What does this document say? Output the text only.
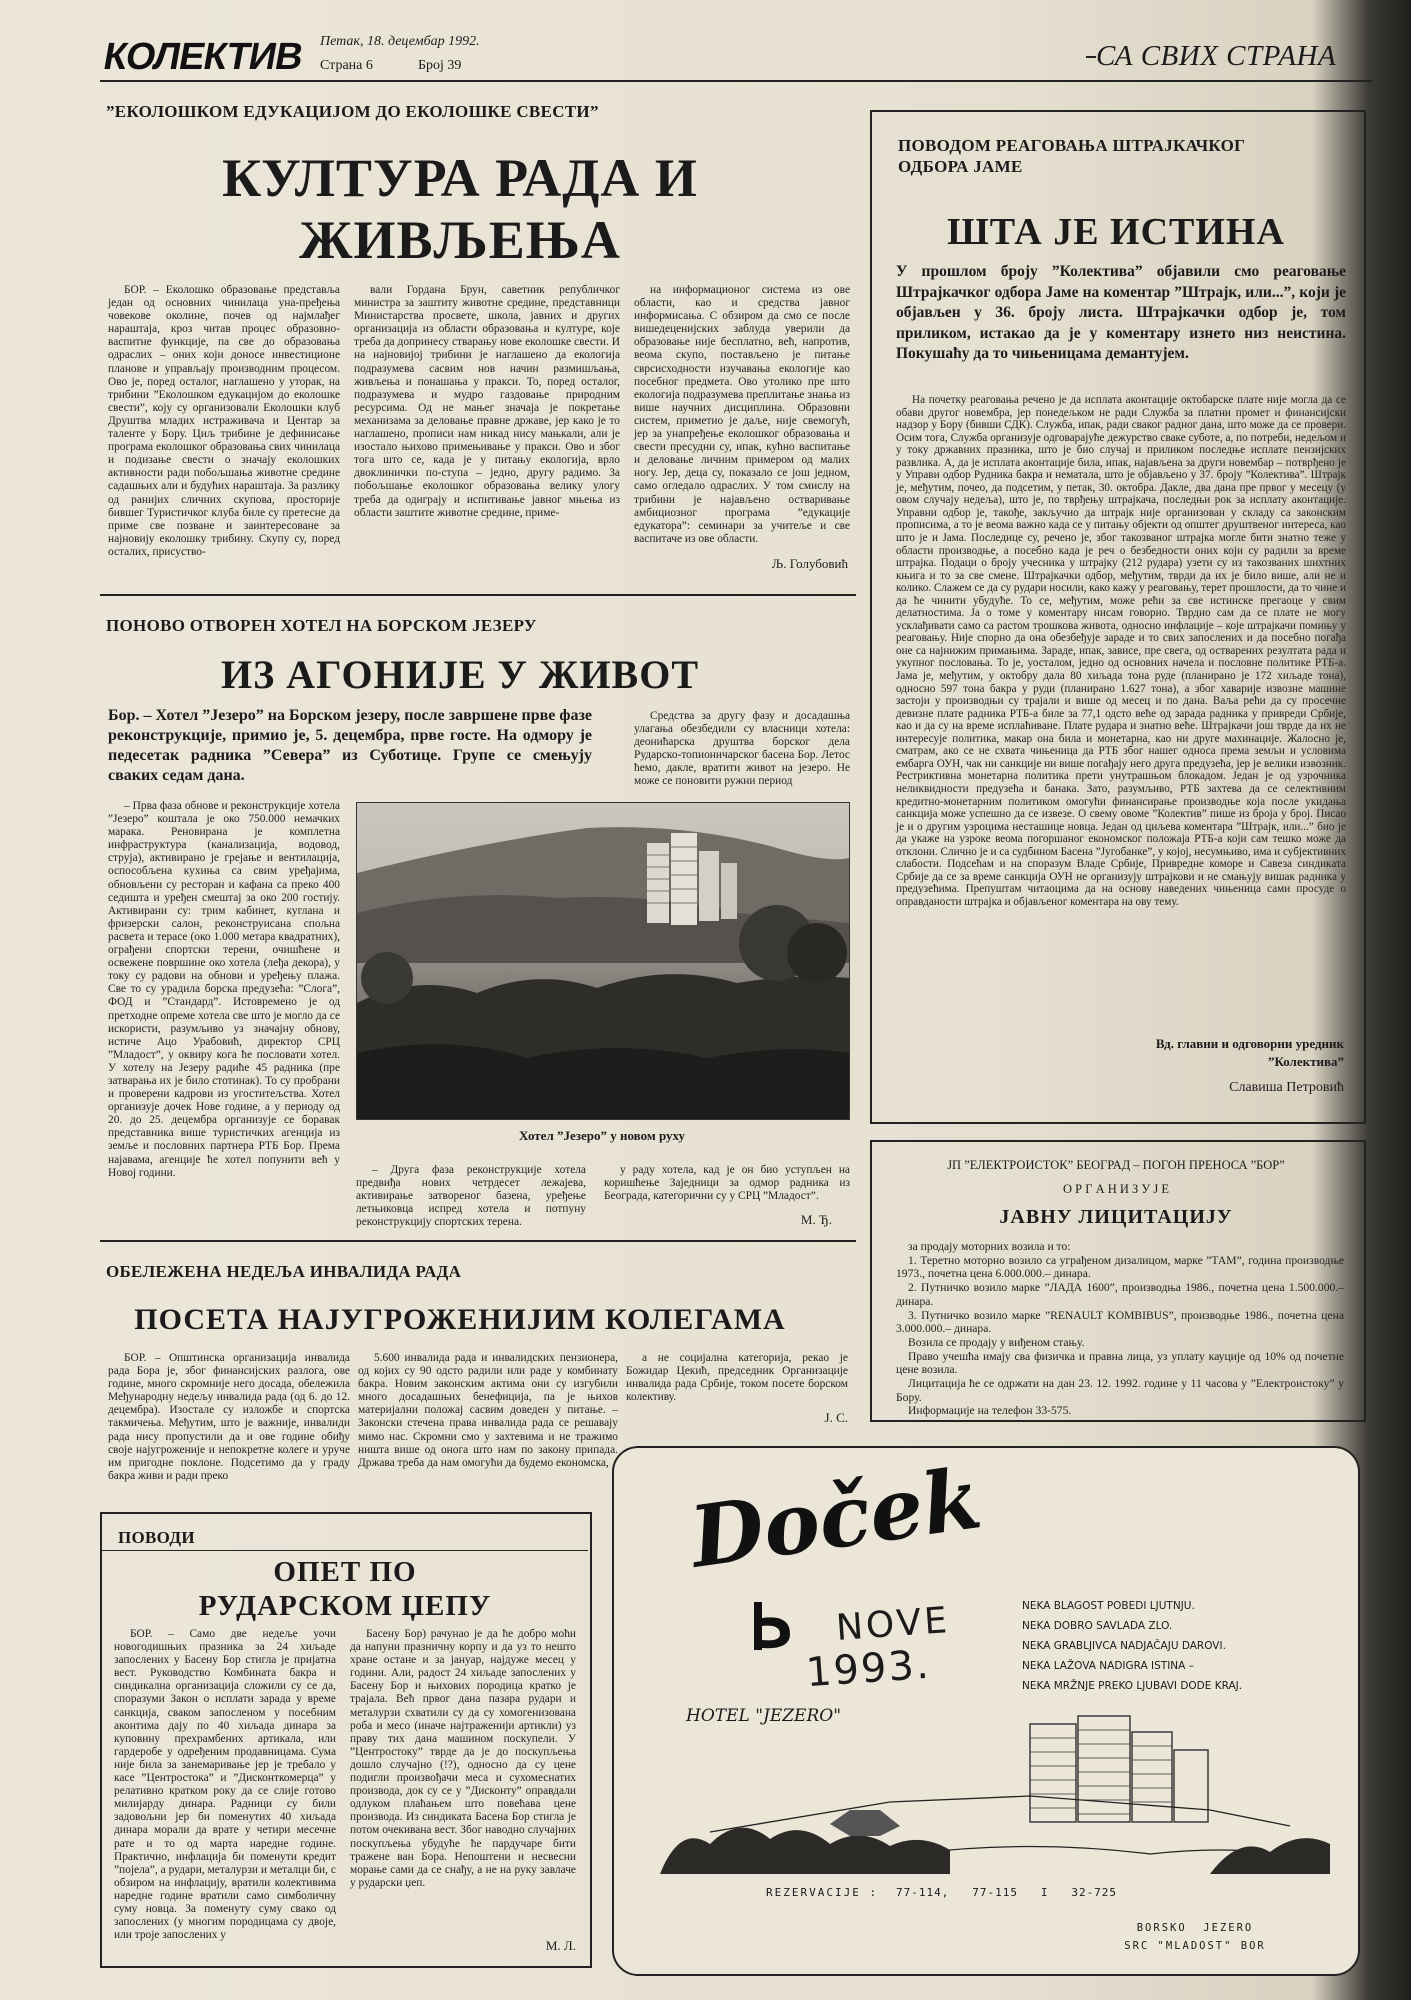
КОЛЕКТИВ	Петак, 18. децембар 1992.
Страна 6	Број 39	СА СВИХ СТРАНА
”ЕКОЛОШКОМ ЕДУКАЦИЈОМ ДО ЕКОЛОШКЕ СВЕСТИ”
КУЛТУРА РАДА И
ЖИВЉЕЊА

БОР. – Еколошко образовање представља један од основних чинилаца уна-пређења човекове околине, почев од најмлађег нараштаја, кроз читав процес образовно-васпитне функције, па све до образовања одраслих – оних који доносе инвестиционе планове и управљају производним процесом. Ово је, поред осталог, наглашено у уторак, на трибини ”Еколошком едукацијом до еколошке свести”, коју су организовали Еколошки клуб Друштва младих истраживача и Центар за таленте у Бору. Циљ трибине је дефинисање програма еколошког образовања свих чинилаца и подизање свести о значају еколошких активности ради побољшања животне средине садашњих али и будућих нараштаја. За разлику од ранијих сличних скупова, просторије бившег Туристичког клуба биле су претесне да приме све позване и заинтересоване за најновију еколошку трибину. Скупу су, поред осталих, присуство-

вали Гордана Брун, саветник републичког министра за заштиту животне средине, представници Министарства просвете, школа, јавних и других организација из области образовања и културе, које треба да допринесу стварању нове еколошке свести. И на најновијој трибини је наглашено да екологија подразумева сасвим нов начин размишљања, живљења и понашања у пракси. То, поред осталог, подразумева и мудро газдовање природним ресурсима. Од не мањег значаја је покретање механизама за деловање правне државе, јер како је то наглашено, прописи нам никад нису мањкали, али је изостало њихово примењивање у пракси. Ово и због тога што се, када је у питању екологија, врло двоклинички по-ступа – једно, другу радимо. За побољшање еколошког образовања велику улогу треба да одиграју и испитивање јавног мњења из области заштите животне средине, приме-

на информационог система из ове области, као и средства јавног информисања. С обзиром да смо се после вишедеценијских заблуда уверили да образовање није бесплатно, већ, напротив, веома скупо, постављено је питање сврсисходности изучавања екологије као посебног предмета. Ово утолико пре што екологија подразумева преплитање знања из више научних дисциплина. Образовни систем, приметио је даље, није свемогућ, јер за унапређење еколошког образовања и свести пресудни су, ипак, кућно васпитање и деловање личним примером од малих ногу. Јер, деца су, показало се још једном, само огледало одраслих. У том смислу на трибини је најављено остваривање амбициозног програма ”едукације едукатора”: семинари за учитеље и све васпитаче из ове области.

Љ. Голубовић
ПОНОВО ОТВОРЕН ХОТЕЛ НА БОРСКОМ ЈЕЗЕРУ
ИЗ АГОНИЈЕ У ЖИВОТ
Бор. – Хотел ”Језеро” на Борском језеру, после завршене прве фазе реконструкције, примио је, 5. децембра, прве госте. На одмору је педесетак радника ”Севера” из Суботице. Групе се смењују сваких седам дана.

Средства за другу фазу и досадашња улагања обезбедили су власници хотела: деонићарска друштва борског дела Рударско-топионичарског басена Бор. Летос ћемо, дакле, вратити живот на језеро. Не може се поновити ружни период

– Прва фаза обнове и реконструкције хотела ”Језеро” коштала је око 750.000 немачких марака. Реновирана је комплетна инфраструктура (канализација, водовод, струја), активирано је грејање и вентилација, оспособљена кухиња са свим уређајима, обновљени су ресторан и кафана са преко 400 седишта и уређен смештај за око 200 гостију. Активирани су: трим кабинет, куглана и фризерски салон, реконструисана спољна расвета и терасе (око 1.000 метара квадратних), ограђени спортски терени, очишћене и освежене површине око хотела (леђа декора), у току су радови на обнови и уређењу плажа. Све то су урадила борска предузећа: ”Слога”, ФОД и ”Стандард”. Истовремено је од претходне опреме хотела све што је могло да се искористи, разумљиво уз значајну обнову, истиче Ацо Урабовић, директор СРЦ ”Младост”, у оквиру кога ће пословати хотел. У хотелу на Језеру радиће 45 радника (пре затварања их је било стотинак). То су пробрани и проверени кадрови из угоститељства. Хотел организује дочек Нове године, а у периоду од 20. до 25. децембра организује се боравак представника више туристичких агенција из земље и пословних партнера РТБ Бор. Према најавама, агенције ће хотел попунити већ у Новој години.

Хотел ”Језеро” у новом руху

– Друга фаза реконструкције хотела предвиђа нових четрдесет лежајева, активирање затвореног базена, уређење летњиковца испред хотела и потпуну реконструкцију спортских терена.

у раду хотела, кад је он био уступљен на коришћење Заједници за одмор радника из Београда, категорични су у СРЦ ”Младост”.

М. Ђ.
ОБЕЛЕЖЕНА НЕДЕЉА ИНВАЛИДА РАДА
ПОСЕТА НАЈУГРОЖЕНИЈИМ КОЛЕГАМА

БОР. – Општинска организација инвалида рада Бора је, због финансијских разлога, ове године, много скромније него досада, обележила Међународну недељу инвалида рада (од 6. до 12. децембра). Изостале су изложбе и спортска такмичења. Међутим, што је важније, инвалиди рада нису пропустили да и ове године обиђу своје најугроженије и непокретне колеге и уруче им пригодне поклоне. Подсетимо да у граду бакра живи и ради преко

5.600 инвалида рада и инвалидских пензионера, од којих су 90 одсто радили или раде у комбинату бакра. Новим законским актима они су изгубили много досадашњих бенефиција, па је њихов материјални положај сасвим доведен у питање. – Законски стечена права инвалида рада се решавају мимо нас. Скромни смо у захтевима и не тражимо ништа више од онога што нам по закону припада. Држава треба да нам омогући да будемо економска,

а не социјална категорија, рекао је Божидар Цекић, председник Организације инвалида рада Србије, током посете борском колективу.

Ј. С.
ПОВОДИ
ОПЕТ ПО
РУДАРСКОМ ЏЕПУ

БОР. – Само две недеље уочи новогодишњих празника за 24 хиљаде запослених у Басену Бор стигла је пријатна вест. Руководство Комбината бакра и синдикална организација сложили су се да, споразуми Закон о исплати зарада у време санкција, сваком запосленом у посебним аконтима дају по 40 хиљада динара за куповину прехрамбених артикала, или гардеробе у одређеним продавницама. Сума није била за занемаривање јер је требало у касе ”Центростока” и ”Дисконткомерца” у релативно кратком року да се слије готово милијарду динара. Радници су били задовољни јер би поменутих 40 хиљада динара морали да врате у четири месечне рате и то од марта наредне године. Практично, инфлација би поменути кредит ”појела”, а рудари, металурзи и металци би, с обзиром на инфлацију, вратили колективима наредне године вратили само симболичну суму новца. За поменуту суму свако од запослених (у многим породицама су двоје, или троје запослених у

Басену Бор) рачунао је да ће добро моћи да напуни празничну корпу и да уз то нешто хране остане и за јануар, најдуже месец у години. Али, радост 24 хиљаде запослених у Басену Бор и њихових породица кратко је трајала. Већ првог дана пазара рудари и металурзи схватили су да су хомогенизована роба и месо (иначе најтраженији артикли) уз праву тих дана машином поскупели. У ”Центростоку” тврде да је до поскупљења дошло случајно (!?), односно да су цене подигли произвођачи меса и сухомеснатих производа, док су се у ”Дисконту” оправдали одлуком плаћањем што повећава цене производа. Из синдиката Басена Бор стигла је потом очекивана вест. Због наводно случајних поскупљења убудуће ће пардучаре бити тражене ван Бора. Непоштени и несвесни морање сами да се снађу, а не на руку завлаче у рударски џеп.

М. Л.
ПОВОДОМ РЕАГОВАЊА ШТРАЈКАЧКОГ
ОДБОРА ЈАМЕ
ШТА ЈЕ ИСТИНА
У прошлом броју ”Колектива” објавили смо реаговање Штрајкачког одбора Јаме на коментар ”Штрајк, или...”, који је објављен у 36. броју листа. Штрајкачки одбор је, том приликом, истакао да је у коментару изнето низ неистина. Покушаћу да то чињеницама демантујем.

На почетку реаговања речено је да исплата аконтације октобарске плате није могла да се обави другог новембра, јер понедељком не ради Служба за платни промет и финансијски надзор у Бору (бивши СДК). Служба, ипак, ради сваког радног дана, што може да се провери. Осим тога, Служба организује одговарајуће дежурство сваке суботе, а, по потреби, недељом и у току државних празника, што је био случај и приликом последње исплате пензијских развлика. А, да је исплата аконтације била, ипак, најављена за други новембар – потврђено је у Управи одбор Рудника бакра и нематала, што је објављено у 37. броју ”Колектива”. Штрајк је, међутим, почео, да подсетим, у петак, 30. октобра. Дакле, два дана пре првог у месецу (у овом случају недеља), што је, по тврђењу штрајкача, последњи рок за исплату аконтације. Управни одбор је, такође, закључио да штрајк није организован у складу са законским прописима, а то је веома важно када се у питању објекти од општег друштвеног интереса, као што је и Јама. Последице су, речено је, због такозваног штрајка могле бити знатно теже у области производње, а посебно када је реч о безбедности оних који су радили за време штрајка. Подаци о броју учесника у штрајку (212 рудара) узети су из такозваних шихтних књига и то за све смене. Штрајкачки одбор, међутим, тврди да их је било више, али не и колико. Слажем се да су рудари носили, како кажу у реаговању, терет прошлости, да то чине и да ће чинити убудуће. То се, међутим, може рећи за све истинске прегаоце у свим делатностима. Ја о томе у коментару нисам говорио. Тврдио сам да се плате не могу усклађивати само са растом трошкова живота, односно инфлације – које штрајкачи помињу у реаговању. Није спорно да она обезбеђује зараде и то свих запослених и да посебно погађа оне са најнижим примањима. Зараде, ипак, зависе, пре свега, од остварених резултата рада и укупног пословања. То је, уосталом, једно од основних начела и пословне политике РТБ-а. Јама је, међутим, у октобру дала 80 хиљада тона руде (планирано је 172 хиљаде тона), односно 597 тона бакра у руди (планирано 1.627 тона), а због хаварије извозне машине застоји у производњи су трајали и више од месец и по дана. Ваља рећи да су просечне девизне плате радника РТБ-а биле за 77,1 одсто веће од зарада радника у привреди Србије, као и да су на време исплаћиване. Плате рудара и знатно веће. Штрајкачи још тврде да их не интересује политика, макар она била и монетарна, као ни друге махинације. Жалосно је, сматрам, ако се не схвата чињеница да РТБ због нашег односа према земљи и условима ембарга ОУН, чак ни санкције ни више погађају него друга предузећа, јер је велики извозник. Рестриктивна монетарна политика прети унутрашњом блокадом. Један је од узрочника неликвидности предузећа и банака. Зато, разумљиво, РТБ захтева да се селективним кредитно-монетарним политиком омогући финансирање производње која после укидања санкција може успешно да се извезе. О свему овоме ”Колектив” пише из броја у број. Писао је и о другим узроцима несташице новца. Један од циљева коментара ”Штрајк, или...” био је да укаже на узроке веома погоршаног економског положаја РТБ-а који сам тешко може да отклони. Слично је и са судбином Басена ”Југобанке”, у којој, несумњиво, има и субјективних слабости. Подсећам и на споразум Владе Србије, Привредне коморе и Савеза синдиката Србије да се за време санкција ОУН не организују штрајкови и не смањују вишак радника у предузећима. Препуштам читаоцима да на основу наведених чињеница сами просуде о оправданости штрајка и објављеног коментара на ову тему.

Вд. главни и одговорни уредник
”Колектива”
Славиша Петровић
ЈП ”ЕЛЕКТРОИСТОК” БЕОГРАД – ПОГОН ПРЕНОСА ”БОР”
О Р Г А Н И З У Ј Е
ЈАВНУ ЛИЦИТАЦИЈУ
за продају моторних возила и то:
1. Теретно моторно возило са уграђеном дизалицом, марке ”ТАМ”, година производње 1973., почетна цена 6.000.000.– динара.
2. Путничко возило марке ”ЛАДА 1600”, производња 1986., почетна цена 1.500.000.– динара.
3. Путничко возило марке ”RENAULT KOMBIBUS”, производње 1986., почетна цена 3.000.000.– динара.
Возила се продају у виђеном стању.
Право учешћа имају сва физичка и правна лица, уз уплату кауције од 10% од почетне цене возила.
Лицитација ће се одржати на дан 23. 12. 1992. године у 11 часова у ”Електроистоку” у Бору.
Информације на телефон 33-575.
Doček
NOVE
1993.
HOTEL "JEZERO"
NEKA BLAGOST POBEDI LJUTNJU.
NEKA DOBRO SAVLADA ZLO.
NEKA GRABLJIVCA NADJAČAJU DAROVI.
NEKA LAŽOVA NADIGRA ISTINA –
NEKA MRŽNJE PREKO LJUBAVI DODE KRAJ.
REZERVACIJE : 77-114,   77-115   I   32-725
BORSKO  JEZERO
SRC "MLADOST" BOR
